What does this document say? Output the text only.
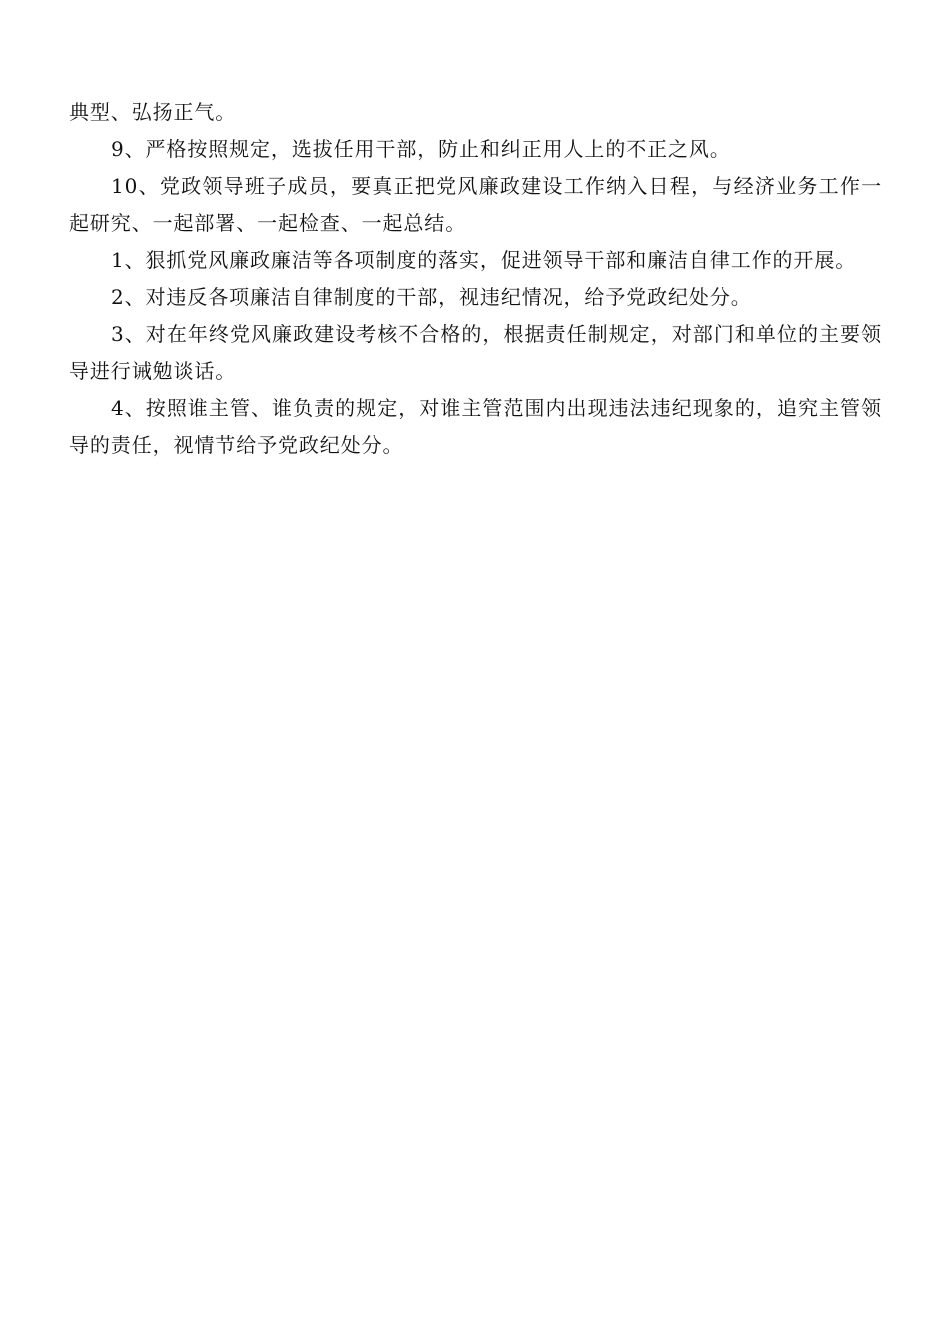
典型、弘扬正气。

9、严格按照规定，选拔任用干部，防止和纠正用人上的不正之风。

10、党政领导班子成员，要真正把党风廉政建设工作纳入日程，与经济业务工作一起研究、一起部署、一起检查、一起总结。

1、狠抓党风廉政廉洁等各项制度的落实，促进领导干部和廉洁自律工作的开展。

2、对违反各项廉洁自律制度的干部，视违纪情况，给予党政纪处分。

3、对在年终党风廉政建设考核不合格的，根据责任制规定，对部门和单位的主要领导进行诫勉谈话。

4、按照谁主管、谁负责的规定，对谁主管范围内出现违法违纪现象的，追究主管领导的责任，视情节给予党政纪处分。
